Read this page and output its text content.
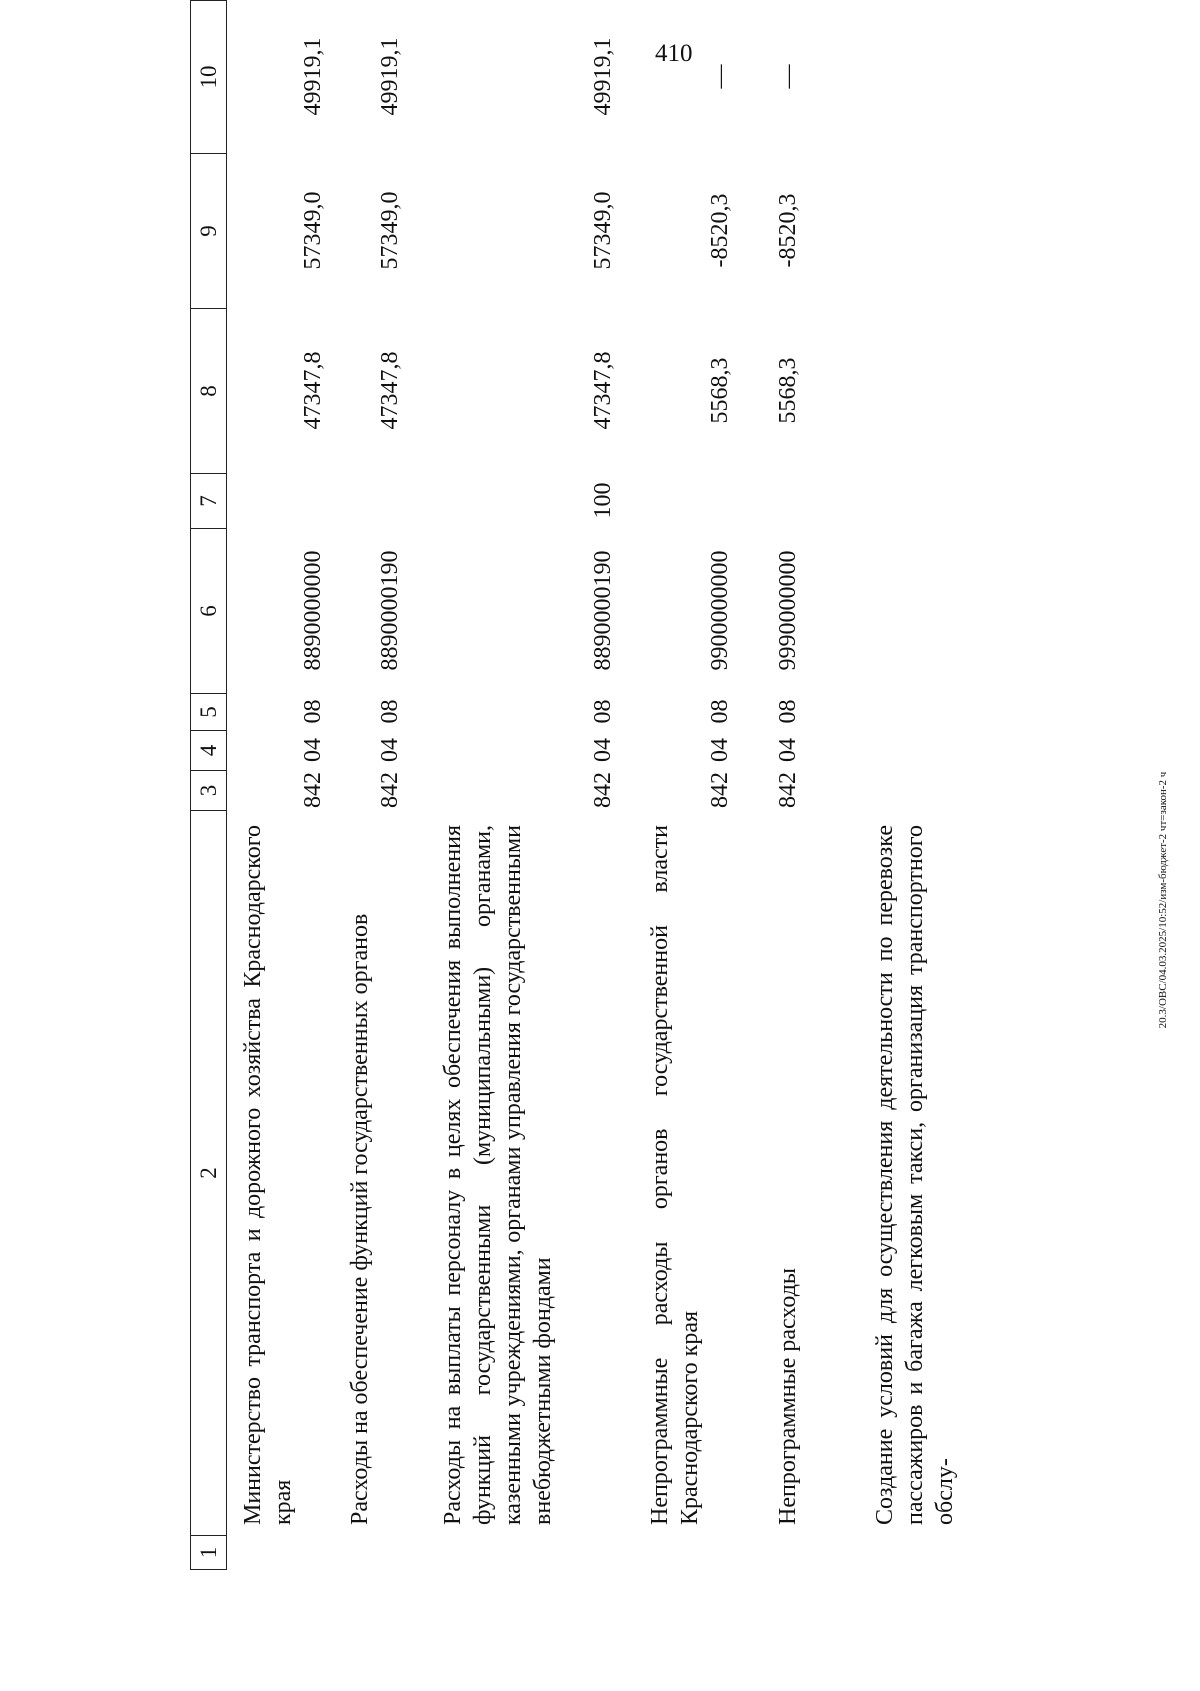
410
20.3/OBC/04.03.2025/10:52/изм-бюджет-2 чт=закон-2 ч
1
2
3
4
5
6
7
8
9
10
Министерство транспорта и дорожного хозяйства Краснодарского края
842
04
08
8890000000
47347,8
57349,0
49919,1
Расходы на обеспечение функций государственных органов
842
04
08
8890000190
47347,8
57349,0
49919,1
Расходы на выплаты персоналу в целях обеспечения выполнения функций государственными (муниципальными) органами, казенными учреждениями, органами управления государственными внебюджетными фондами
842
04
08
8890000190
100
47347,8
57349,0
49919,1
Непрограммные расходы органов государственной власти Краснодарского края
842
04
08
9900000000
5568,3
-8520,3
—
Непрограммные расходы
842
04
08
9990000000
5568,3
-8520,3
—
Создание условий для осуществления деятельности по перевозке пассажиров и багажа легковым такси, организация транспортного обслу-
